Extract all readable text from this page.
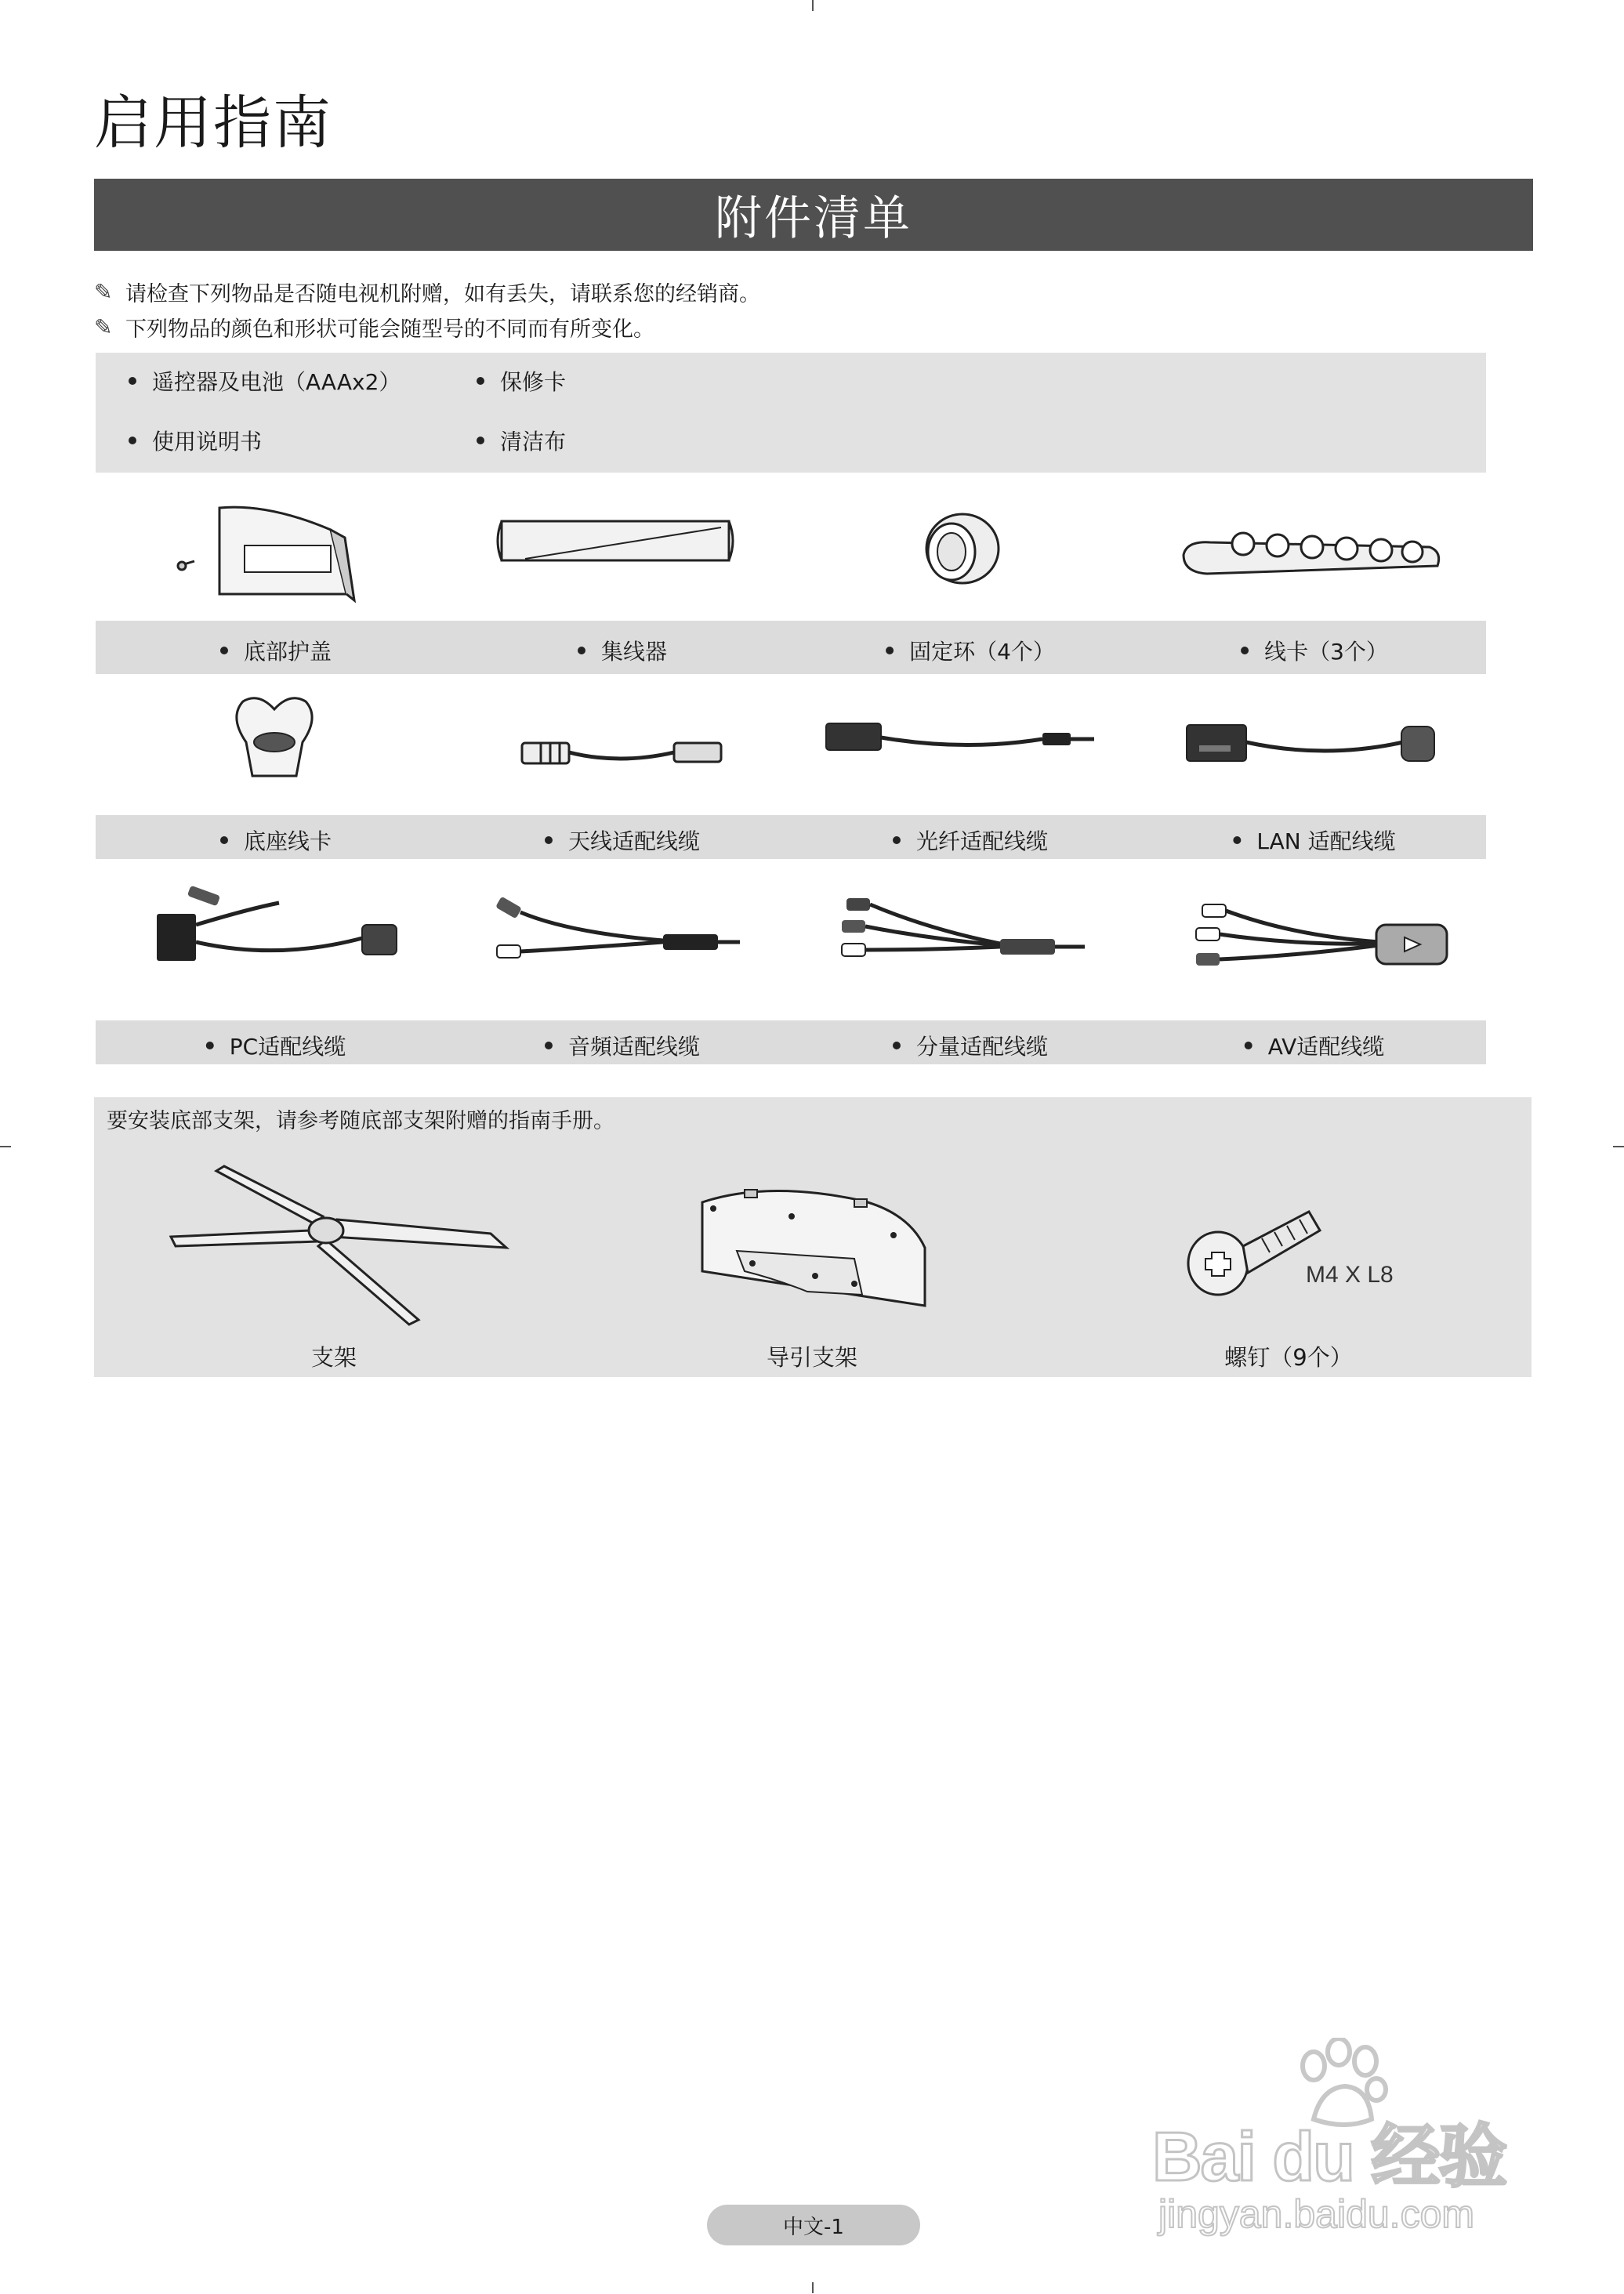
启用指南
附件清单
✎ 请检查下列物品是否随电视机附赠，如有丢失，请联系您的经销商。
✎ 下列物品的颜色和形状可能会随型号的不同而有所变化。
遥控器及电池（AAAx2）	保修卡
使用说明书	清洁布
底部护盖	集线器	固定环（4个）	线卡（3个）
底座线卡	天线适配线缆	光纤适配线缆	LAN 适配线缆
PC适配线缆	音頻适配线缆	分量适配线缆	AV适配线缆
要安装底部支架，请参考随底部支架附赠的指南手册。
M4 X L8
支架	导引支架	螺钉（9个）
Bai du 经验
jingyan.baidu.com
中文-1
